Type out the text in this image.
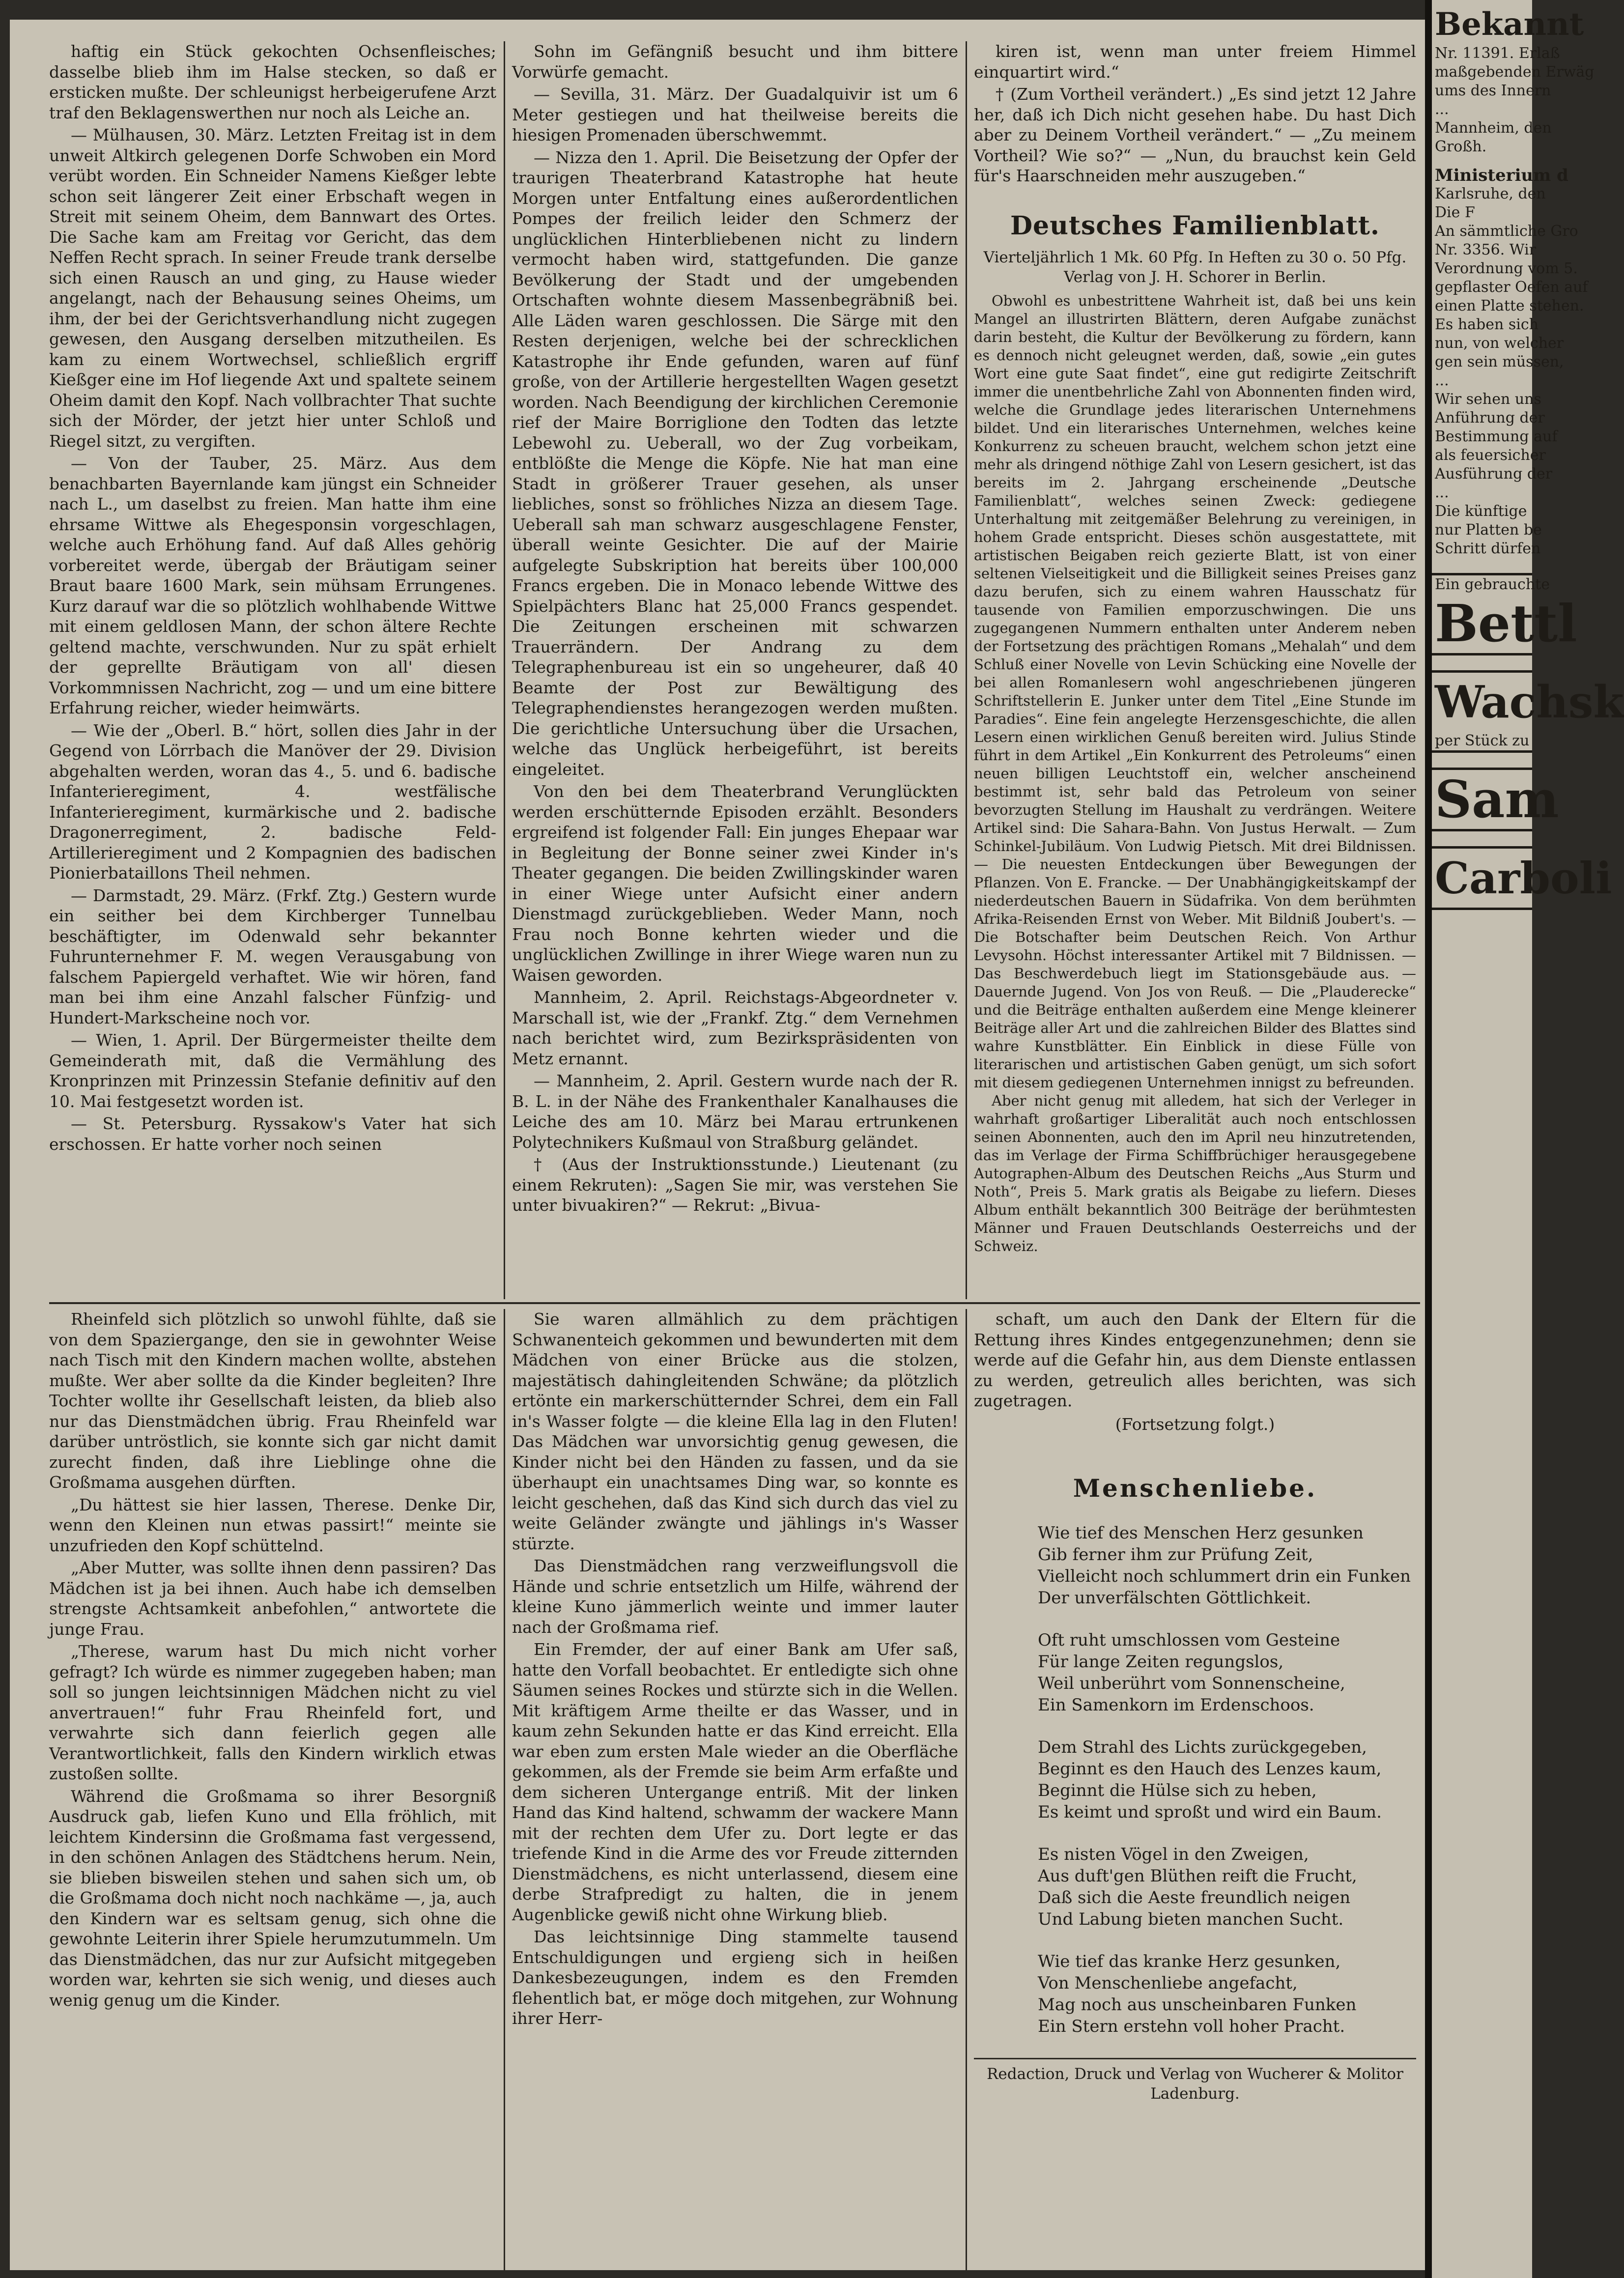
haftig ein Stück gekochten Ochsenfleisches; dasselbe blieb ihm im Halse stecken, so daß er ersticken mußte. Der schleunigst herbeigerufene Arzt traf den Beklagenswerthen nur noch als Leiche an.

— Mülhausen, 30. März. Letzten Freitag ist in dem unweit Altkirch gelegenen Dorfe Schwoben ein Mord verübt worden. Ein Schneider Namens Kießger lebte schon seit längerer Zeit einer Erbschaft wegen in Streit mit seinem Oheim, dem Bannwart des Ortes. Die Sache kam am Freitag vor Gericht, das dem Neffen Recht sprach. In seiner Freude trank derselbe sich einen Rausch an und ging, zu Hause wieder angelangt, nach der Behausung seines Oheims, um ihm, der bei der Gerichtsverhandlung nicht zugegen gewesen, den Ausgang derselben mitzutheilen. Es kam zu einem Wortwechsel, schließlich ergriff Kießger eine im Hof liegende Axt und spaltete seinem Oheim damit den Kopf. Nach vollbrachter That suchte sich der Mörder, der jetzt hier unter Schloß und Riegel sitzt, zu vergiften.

— Von der Tauber, 25. März. Aus dem benachbarten Bayernlande kam jüngst ein Schneider nach L., um daselbst zu freien. Man hatte ihm eine ehrsame Wittwe als Ehegesponsin vorgeschlagen, welche auch Erhöhung fand. Auf daß Alles gehörig vorbereitet werde, übergab der Bräutigam seiner Braut baare 1600 Mark, sein mühsam Errungenes. Kurz darauf war die so plötzlich wohlhabende Wittwe mit einem geldlosen Mann, der schon ältere Rechte geltend machte, verschwunden. Nur zu spät erhielt der geprellte Bräutigam von all' diesen Vorkommnissen Nachricht, zog — und um eine bittere Erfahrung reicher, wieder heimwärts.

— Wie der „Oberl. B.“ hört, sollen dies Jahr in der Gegend von Lörrbach die Manöver der 29. Division abgehalten werden, woran das 4., 5. und 6. badische Infanterieregiment, 4. westfälische Infanterieregiment, kurmärkische und 2. badische Dragonerregiment, 2. badische Feld-Artillerieregiment und 2 Kompagnien des badischen Pionierbataillons Theil nehmen.

— Darmstadt, 29. März. (Frkf. Ztg.) Gestern wurde ein seither bei dem Kirchberger Tunnelbau beschäftigter, im Odenwald sehr bekannter Fuhrunternehmer F. M. wegen Verausgabung von falschem Papiergeld verhaftet. Wie wir hören, fand man bei ihm eine Anzahl falscher Fünfzig- und Hundert-Markscheine noch vor.

— Wien, 1. April. Der Bürgermeister theilte dem Gemeinderath mit, daß die Vermählung des Kronprinzen mit Prinzessin Stefanie definitiv auf den 10. Mai festgesetzt worden ist.

— St. Petersburg. Ryssakow's Vater hat sich erschossen. Er hatte vorher noch seinen

Sohn im Gefängniß besucht und ihm bittere Vorwürfe gemacht.

— Sevilla, 31. März. Der Guadalquivir ist um 6 Meter gestiegen und hat theilweise bereits die hiesigen Promenaden überschwemmt.

— Nizza den 1. April. Die Beisetzung der Opfer der traurigen Theaterbrand Katastrophe hat heute Morgen unter Entfaltung eines außerordentlichen Pompes der freilich leider den Schmerz der unglücklichen Hinterbliebenen nicht zu lindern vermocht haben wird, stattgefunden. Die ganze Bevölkerung der Stadt und der umgebenden Ortschaften wohnte diesem Massenbegräbniß bei. Alle Läden waren geschlossen. Die Särge mit den Resten derjenigen, welche bei der schrecklichen Katastrophe ihr Ende gefunden, waren auf fünf große, von der Artillerie hergestellten Wagen gesetzt worden. Nach Beendigung der kirchlichen Ceremonie rief der Maire Borriglione den Todten das letzte Lebewohl zu. Ueberall, wo der Zug vorbeikam, entblößte die Menge die Köpfe. Nie hat man eine Stadt in größerer Trauer gesehen, als unser liebliches, sonst so fröhliches Nizza an diesem Tage. Ueberall sah man schwarz ausgeschlagene Fenster, überall weinte Gesichter. Die auf der Mairie aufgelegte Subskription hat bereits über 100,000 Francs ergeben. Die in Monaco lebende Wittwe des Spielpächters Blanc hat 25,000 Francs gespendet. Die Zeitungen erscheinen mit schwarzen Trauerrändern. Der Andrang zu dem Telegraphenbureau ist ein so ungeheurer, daß 40 Beamte der Post zur Bewältigung des Telegraphendienstes herangezogen werden mußten. Die gerichtliche Untersuchung über die Ursachen, welche das Unglück herbeigeführt, ist bereits eingeleitet.

Von den bei dem Theaterbrand Verunglückten werden erschütternde Episoden erzählt. Besonders ergreifend ist folgender Fall: Ein junges Ehepaar war in Begleitung der Bonne seiner zwei Kinder in's Theater gegangen. Die beiden Zwillingskinder waren in einer Wiege unter Aufsicht einer andern Dienstmagd zurückgeblieben. Weder Mann, noch Frau noch Bonne kehrten wieder und die unglücklichen Zwillinge in ihrer Wiege waren nun zu Waisen geworden.

Mannheim, 2. April. Reichstags-Abgeordneter v. Marschall ist, wie der „Frankf. Ztg.“ dem Vernehmen nach berichtet wird, zum Bezirkspräsidenten von Metz ernannt.

— Mannheim, 2. April. Gestern wurde nach der R. B. L. in der Nähe des Frankenthaler Kanalhauses die Leiche des am 10. März bei Marau ertrunkenen Polytechnikers Kußmaul von Straßburg geländet.

† (Aus der Instruktionsstunde.) Lieutenant (zu einem Rekruten): „Sagen Sie mir, was verstehen Sie unter bivuakiren?“ — Rekrut: „Bivua-

kiren ist, wenn man unter freiem Himmel einquartirt wird.“

† (Zum Vortheil verändert.) „Es sind jetzt 12 Jahre her, daß ich Dich nicht gesehen habe. Du hast Dich aber zu Deinem Vortheil verändert.“ — „Zu meinem Vortheil? Wie so?“ — „Nun, du brauchst kein Geld für's Haarschneiden mehr auszugeben.“

Deutsches Familienblatt.
Vierteljährlich 1 Mk. 60 Pfg. In Heften zu 30 o. 50 Pfg.
Verlag von J. H. Schorer in Berlin.

Obwohl es unbestrittene Wahrheit ist, daß bei uns kein Mangel an illustrirten Blättern, deren Aufgabe zunächst darin besteht, die Kultur der Bevölkerung zu fördern, kann es dennoch nicht geleugnet werden, daß, sowie „ein gutes Wort eine gute Saat findet“, eine gut redigirte Zeitschrift immer die unentbehrliche Zahl von Abonnenten finden wird, welche die Grundlage jedes literarischen Unternehmens bildet. Und ein literarisches Unternehmen, welches keine Konkurrenz zu scheuen braucht, welchem schon jetzt eine mehr als dringend nöthige Zahl von Lesern gesichert, ist das bereits im 2. Jahrgang erscheinende „Deutsche Familienblatt“, welches seinen Zweck: gediegene Unterhaltung mit zeitgemäßer Belehrung zu vereinigen, in hohem Grade entspricht. Dieses schön ausgestattete, mit artistischen Beigaben reich gezierte Blatt, ist von einer seltenen Vielseitigkeit und die Billigkeit seines Preises ganz dazu berufen, sich zu einem wahren Hausschatz für tausende von Familien emporzuschwingen. Die uns zugegangenen Nummern enthalten unter Anderem neben der Fortsetzung des prächtigen Romans „Mehalah“ und dem Schluß einer Novelle von Levin Schücking eine Novelle der bei allen Romanlesern wohl angeschriebenen jüngeren Schriftstellerin E. Junker unter dem Titel „Eine Stunde im Paradies“. Eine fein angelegte Herzensgeschichte, die allen Lesern einen wirklichen Genuß bereiten wird. Julius Stinde führt in dem Artikel „Ein Konkurrent des Petroleums“ einen neuen billigen Leuchtstoff ein, welcher anscheinend bestimmt ist, sehr bald das Petroleum von seiner bevorzugten Stellung im Haushalt zu verdrängen. Weitere Artikel sind: Die Sahara-Bahn. Von Justus Herwalt. — Zum Schinkel-Jubiläum. Von Ludwig Pietsch. Mit drei Bildnissen. — Die neuesten Entdeckungen über Bewegungen der Pflanzen. Von E. Francke. — Der Unabhängigkeitskampf der niederdeutschen Bauern in Südafrika. Von dem berühmten Afrika-Reisenden Ernst von Weber. Mit Bildniß Joubert's. — Die Botschafter beim Deutschen Reich. Von Arthur Levysohn. Höchst interessanter Artikel mit 7 Bildnissen. — Das Beschwerdebuch liegt im Stationsgebäude aus. — Dauernde Jugend. Von Jos von Reuß. — Die „Plauderecke“ und die Beiträge enthalten außerdem eine Menge kleinerer Beiträge aller Art und die zahlreichen Bilder des Blattes sind wahre Kunstblätter. Ein Einblick in diese Fülle von literarischen und artistischen Gaben genügt, um sich sofort mit diesem gediegenen Unternehmen innigst zu befreunden.

Aber nicht genug mit alledem, hat sich der Verleger in wahrhaft großartiger Liberalität auch noch entschlossen seinen Abonnenten, auch den im April neu hinzutretenden, das im Verlage der Firma Schiffbrüchiger herausgegebene Autographen-Album des Deutschen Reichs „Aus Sturm und Noth“, Preis 5. Mark gratis als Beigabe zu liefern. Dieses Album enthält bekanntlich 300 Beiträge der berühmtesten Männer und Frauen Deutschlands Oesterreichs und der Schweiz.

Rheinfeld sich plötzlich so unwohl fühlte, daß sie von dem Spaziergange, den sie in gewohnter Weise nach Tisch mit den Kindern machen wollte, abstehen mußte. Wer aber sollte da die Kinder begleiten? Ihre Tochter wollte ihr Gesellschaft leisten, da blieb also nur das Dienstmädchen übrig. Frau Rheinfeld war darüber untröstlich, sie konnte sich gar nicht damit zurecht finden, daß ihre Lieblinge ohne die Großmama ausgehen dürften.

„Du hättest sie hier lassen, Therese. Denke Dir, wenn den Kleinen nun etwas passirt!“ meinte sie unzufrieden den Kopf schüttelnd.

„Aber Mutter, was sollte ihnen denn passiren? Das Mädchen ist ja bei ihnen. Auch habe ich demselben strengste Achtsamkeit anbefohlen,“ antwortete die junge Frau.

„Therese, warum hast Du mich nicht vorher gefragt? Ich würde es nimmer zugegeben haben; man soll so jungen leichtsinnigen Mädchen nicht zu viel anvertrauen!“ fuhr Frau Rheinfeld fort, und verwahrte sich dann feierlich gegen alle Verantwortlichkeit, falls den Kindern wirklich etwas zustoßen sollte.

Während die Großmama so ihrer Besorgniß Ausdruck gab, liefen Kuno und Ella fröhlich, mit leichtem Kindersinn die Großmama fast vergessend, in den schönen Anlagen des Städtchens herum. Nein, sie blieben bisweilen stehen und sahen sich um, ob die Großmama doch nicht noch nachkäme —, ja, auch den Kindern war es seltsam genug, sich ohne die gewohnte Leiterin ihrer Spiele herumzutummeln. Um das Dienstmädchen, das nur zur Aufsicht mitgegeben worden war, kehrten sie sich wenig, und dieses auch wenig genug um die Kinder.

Sie waren allmählich zu dem prächtigen Schwanenteich gekommen und bewunderten mit dem Mädchen von einer Brücke aus die stolzen, majestätisch dahingleitenden Schwäne; da plötzlich ertönte ein markerschütternder Schrei, dem ein Fall in's Wasser folgte — die kleine Ella lag in den Fluten! Das Mädchen war unvorsichtig genug gewesen, die Kinder nicht bei den Händen zu fassen, und da sie überhaupt ein unachtsames Ding war, so konnte es leicht geschehen, daß das Kind sich durch das viel zu weite Geländer zwängte und jählings in's Wasser stürzte.

Das Dienstmädchen rang verzweiflungsvoll die Hände und schrie entsetzlich um Hilfe, während der kleine Kuno jämmerlich weinte und immer lauter nach der Großmama rief.

Ein Fremder, der auf einer Bank am Ufer saß, hatte den Vorfall beobachtet. Er entledigte sich ohne Säumen seines Rockes und stürzte sich in die Wellen. Mit kräftigem Arme theilte er das Wasser, und in kaum zehn Sekunden hatte er das Kind erreicht. Ella war eben zum ersten Male wieder an die Oberfläche gekommen, als der Fremde sie beim Arm erfaßte und dem sicheren Untergange entriß. Mit der linken Hand das Kind haltend, schwamm der wackere Mann mit der rechten dem Ufer zu. Dort legte er das triefende Kind in die Arme des vor Freude zitternden Dienstmädchens, es nicht unterlassend, diesem eine derbe Strafpredigt zu halten, die in jenem Augenblicke gewiß nicht ohne Wirkung blieb.

Das leichtsinnige Ding stammelte tausend Entschuldigungen und ergieng sich in heißen Dankesbezeugungen, indem es den Fremden flehentlich bat, er möge doch mitgehen, zur Wohnung ihrer Herr-

schaft, um auch den Dank der Eltern für die Rettung ihres Kindes entgegenzunehmen; denn sie werde auf die Gefahr hin, aus dem Dienste entlassen zu werden, getreulich alles berichten, was sich zugetragen.

(Fortsetzung folgt.)
Menschenliebe.
Wie tief des Menschen Herz gesunken
Gib ferner ihm zur Prüfung Zeit,
Vielleicht noch schlummert drin ein Funken
Der unverfälschten Göttlichkeit.
Oft ruht umschlossen vom Gesteine
Für lange Zeiten regungslos,
Weil unberührt vom Sonnenscheine,
Ein Samenkorn im Erdenschoos.
Dem Strahl des Lichts zurückgegeben,
Beginnt es den Hauch des Lenzes kaum,
Beginnt die Hülse sich zu heben,
Es keimt und sproßt und wird ein Baum.
Es nisten Vögel in den Zweigen,
Aus duft'gen Blüthen reift die Frucht,
Daß sich die Aeste freundlich neigen
Und Labung bieten manchen Sucht.
Wie tief das kranke Herz gesunken,
Von Menschenliebe angefacht,
Mag noch aus unscheinbaren Funken
Ein Stern erstehn voll hoher Pracht.
Redaction, Druck und Verlag von Wucherer & Molitor
Ladenburg.
Bekannt
Nr. 11391. Erlaß
maßgebenden Erwäg
ums des Innern
...
Mannheim, den
Großh.
Ministerium d
Karlsruhe, den
Die F
An sämmtliche Gro
Nr. 3356. Wir
Verordnung vom 5.
gepflaster Oefen auf
einen Platte stehen.
Es haben sich
nun, von welcher
gen sein müssen,
...
Wir sehen uns
Anführung der
Bestimmung auf
als feuersicher
Ausführung der
...
Die künftige
nur Platten be
Schritt dürfen
Ein gebrauchte
Bettl
Wachsk
per Stück zu
Sam
Carboli
